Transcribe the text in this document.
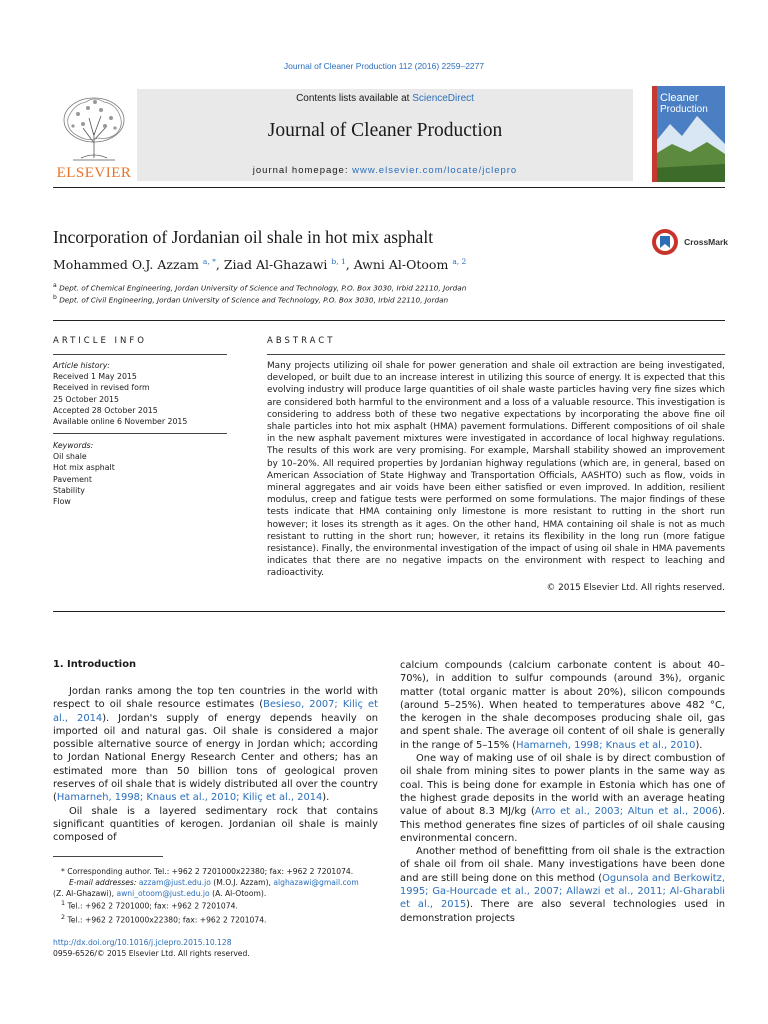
Journal of Cleaner Production 112 (2016) 2259–2277
ELSEVIER
Contents lists available at ScienceDirect
Journal of Cleaner Production
journal homepage: www.elsevier.com/locate/jclepro
Cleaner
Production
Incorporation of Jordanian oil shale in hot mix asphalt	CrossMark
Mohammed O.J. Azzam $^{a, *}$, Ziad Al-Ghazawi $^{b, 1}$, Awni Al-Otoom $^{a, 2}$
$^a$ Dept. of Chemical Engineering, Jordan University of Science and Technology, P.O. Box 3030, Irbid 22110, Jordan
$^b$ Dept. of Civil Engineering, Jordan University of Science and Technology, P.O. Box 3030, Irbid 22110, Jordan
ARTICLE INFO
Article history:
Received 1 May 2015
Received in revised form
25 October 2015
Accepted 28 October 2015
Available online 6 November 2015
Keywords:
Oil shale
Hot mix asphalt
Pavement
Stability
Flow
ABSTRACT
Many projects utilizing oil shale for power generation and shale oil extraction are being investigated, developed, or built due to an increase interest in utilizing this source of energy. It is expected that this evolving industry will produce large quantities of oil shale waste particles having very fine sizes which are considered both harmful to the environment and a loss of a valuable resource. This investigation is considering to address both of these two negative expectations by incorporating the above fine oil shale particles into hot mix asphalt (HMA) pavement formulations. Different compositions of oil shale in the new asphalt pavement mixtures were investigated in accordance of local highway regulations. The results of this work are very promising. For example, Marshall stability showed an improvement by 10–20%. All required properties by Jordanian highway regulations (which are, in general, based on American Association of State Highway and Transportation Officials, AASHTO) such as flow, voids in mineral aggregates and air voids have been either satisfied or even improved. In addition, resilient modulus, creep and fatigue tests were performed on some formulations. The major findings of these tests indicate that HMA containing only limestone is more resistant to rutting in the short run however; it loses its strength as it ages. On the other hand, HMA containing oil shale is not as much resistant to rutting in the short run; however, it retains its flexibility in the long run (more fatigue resistance). Finally, the environmental investigation of the impact of using oil shale in HMA pavements indicates that there are no negative impacts on the environment with respect to leaching and radioactivity.
© 2015 Elsevier Ltd. All rights reserved.
1. Introduction

Jordan ranks among the top ten countries in the world with respect to oil shale resource estimates (Besieso, 2007; Kiliç et al., 2014). Jordan's supply of energy depends heavily on imported oil and natural gas. Oil shale is considered a major possible alternative source of energy in Jordan which; according to Jordan National Energy Research Center and others; has an estimated more than 50 billion tons of geological proven reserves of oil shale that is widely distributed all over the country (Hamarneh, 1998; Knaus et al., 2010; Kiliç et al., 2014).

Oil shale is a layered sedimentary rock that contains significant quantities of kerogen. Jordanian oil shale is mainly composed of

* Corresponding author. Tel.: +962 2 7201000x22380; fax: +962 2 7201074.
E-mail addresses: azzam@just.edu.jo (M.O.J. Azzam), alghazawi@gmail.com
(Z. Al-Ghazawi), awni_otoom@just.edu.jo (A. Al-Otoom).
$^1$ Tel.: +962 2 7201000; fax: +962 2 7201074.
$^2$ Tel.: +962 2 7201000x22380; fax: +962 2 7201074.
http://dx.doi.org/10.1016/j.jclepro.2015.10.128
0959-6526/© 2015 Elsevier Ltd. All rights reserved.

calcium compounds (calcium carbonate content is about 40–70%), in addition to sulfur compounds (around 3%), organic matter (total organic matter is about 20%), silicon compounds (around 5–25%). When heated to temperatures above 482 °C, the kerogen in the shale decomposes producing shale oil, gas and spent shale. The average oil content of oil shale is generally in the range of 5–15% (Hamarneh, 1998; Knaus et al., 2010).

One way of making use of oil shale is by direct combustion of oil shale from mining sites to power plants in the same way as coal. This is being done for example in Estonia which has one of the highest grade deposits in the world with an average heating value of about 8.3 MJ/kg (Arro et al., 2003; Altun et al., 2006). This method generates fine sizes of particles of oil shale causing environmental concern.

Another method of benefitting from oil shale is the extraction of shale oil from oil shale. Many investigations have been done and are still being done on this method (Ogunsola and Berkowitz, 1995; Ga-Hourcade et al., 2007; Allawzi et al., 2011; Al-Gharabli et al., 2015). There are also several technologies used in demonstration projects
